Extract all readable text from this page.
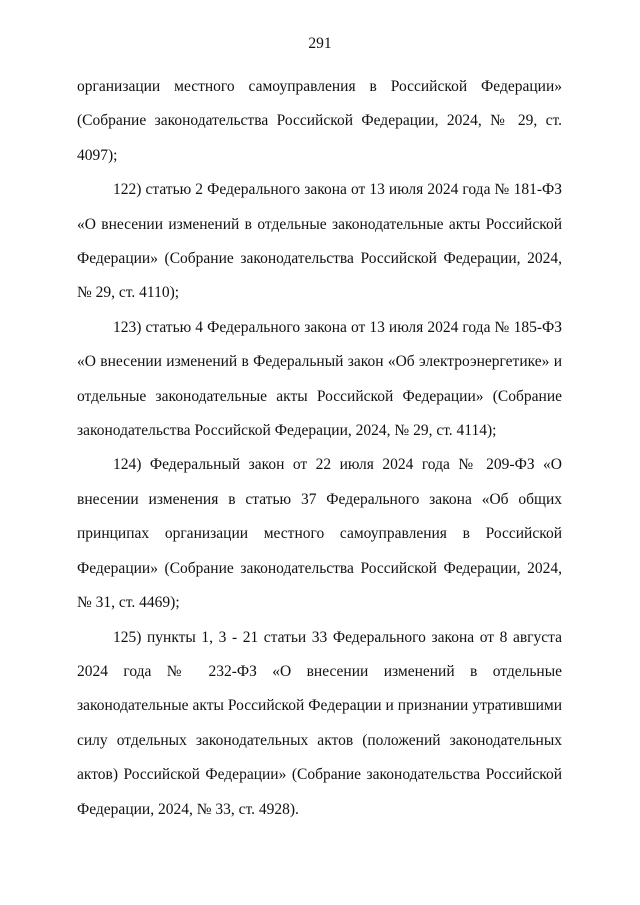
291

организации местного самоуправления в Российской Федерации» (Собрание законодательства Российской Федерации, 2024, № 29, ст. 4097);

122) статью 2 Федерального закона от 13 июля 2024 года № 181-ФЗ «О внесении изменений в отдельные законодательные акты Российской Федерации» (Собрание законодательства Российской Федерации, 2024, № 29, ст. 4110);

123) статью 4 Федерального закона от 13 июля 2024 года № 185-ФЗ «О внесении изменений в Федеральный закон «Об электроэнергетике» и отдельные законодательные акты Российской Федерации» (Собрание законодательства Российской Федерации, 2024, № 29, ст. 4114);

124) Федеральный закон от 22 июля 2024 года № 209-ФЗ «О внесении изменения в статью 37 Федерального закона «Об общих принципах организации местного самоуправления в Российской Федерации» (Собрание законодательства Российской Федерации, 2024, № 31, ст. 4469);

125) пункты 1, 3 - 21 статьи 33 Федерального закона от 8 августа 2024 года № 232-ФЗ «О внесении изменений в отдельные законодательные акты Российской Федерации и признании утратившими силу отдельных законодательных актов (положений законодательных актов) Российской Федерации» (Собрание законодательства Российской Федерации, 2024, № 33, ст. 4928).
